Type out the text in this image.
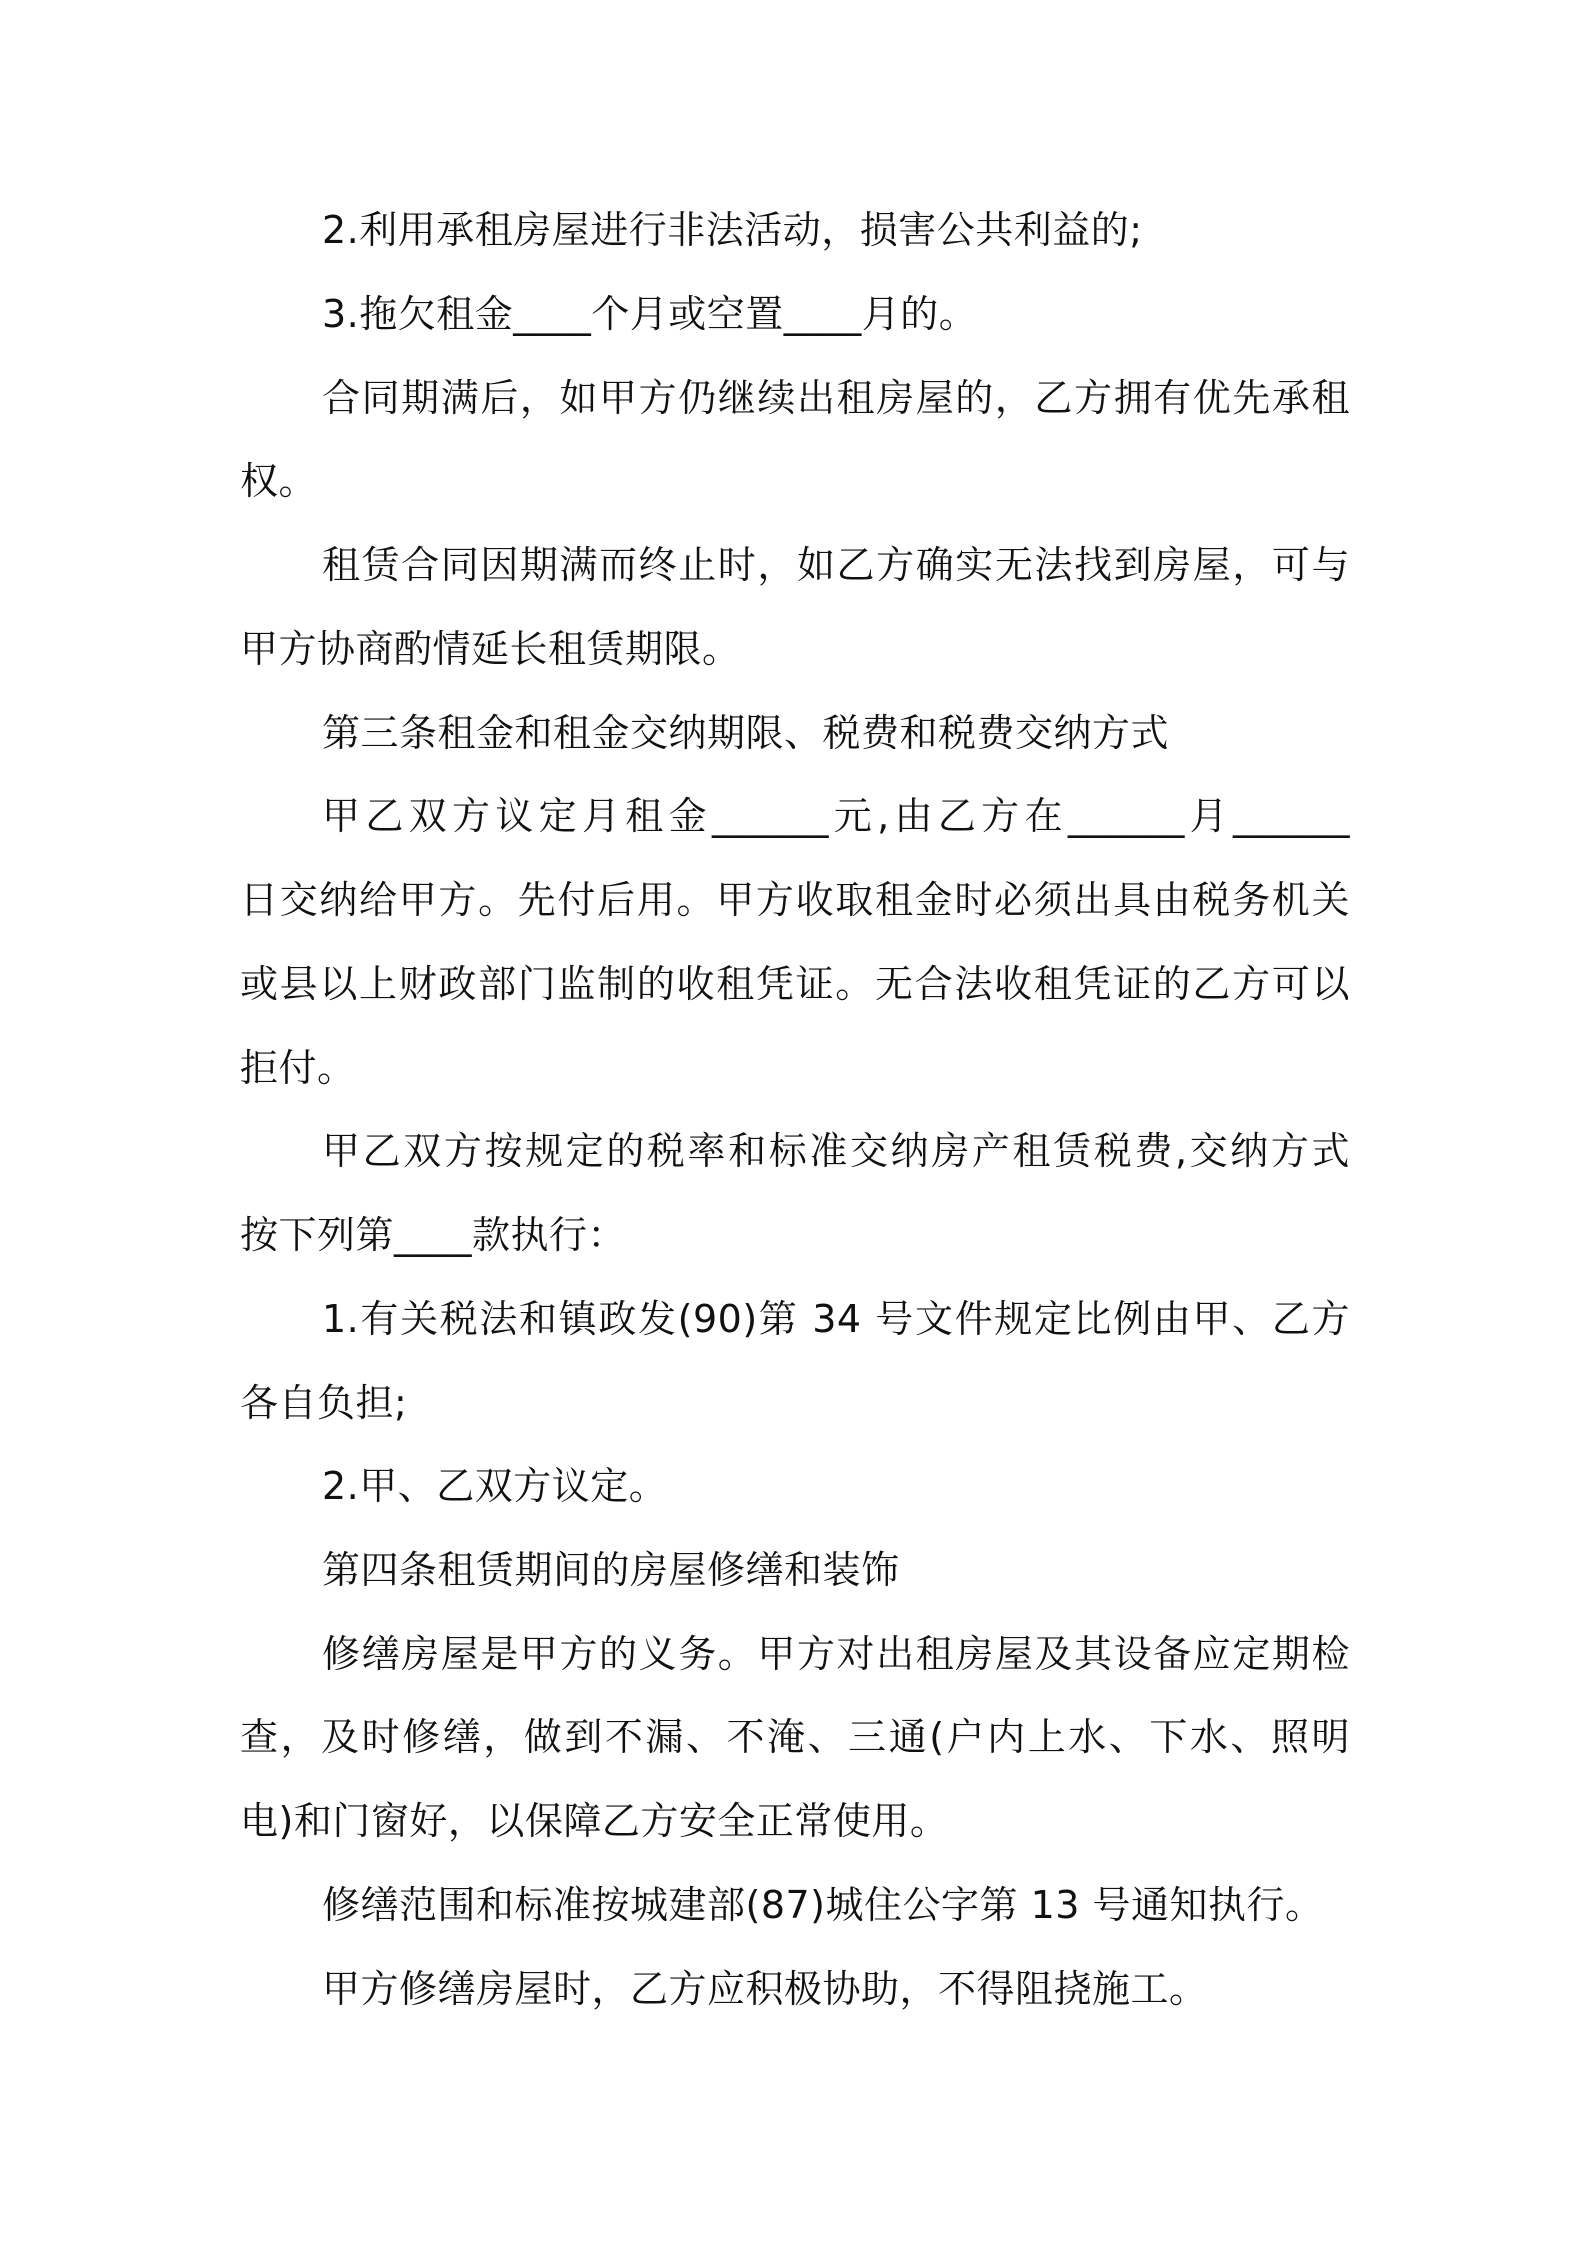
2.利用承租房屋进行非法活动，损害公共利益的;
3.拖欠租金____个月或空置____月的。
合同期满后，如甲方仍继续出租房屋的，乙方拥有优先承租
权。
租赁合同因期满而终止时，如乙方确实无法找到房屋，可与
甲方协商酌情延长租赁期限。
第三条租金和租金交纳期限、税费和税费交纳方式
甲乙双方议定月租金______元,由乙方在______月______
日交纳给甲方。先付后用。甲方收取租金时必须出具由税务机关
或县以上财政部门监制的收租凭证。无合法收租凭证的乙方可以
拒付。
甲乙双方按规定的税率和标准交纳房产租赁税费,交纳方式
按下列第____款执行：
1.有关税法和镇政发(90)第 34 号文件规定比例由甲、乙方
各自负担;
2.甲、乙双方议定。
第四条租赁期间的房屋修缮和装饰
修缮房屋是甲方的义务。甲方对出租房屋及其设备应定期检
查，及时修缮，做到不漏、不淹、三通(户内上水、下水、照明
电)和门窗好，以保障乙方安全正常使用。
修缮范围和标准按城建部(87)城住公字第 13 号通知执行。
甲方修缮房屋时，乙方应积极协助，不得阻挠施工。
